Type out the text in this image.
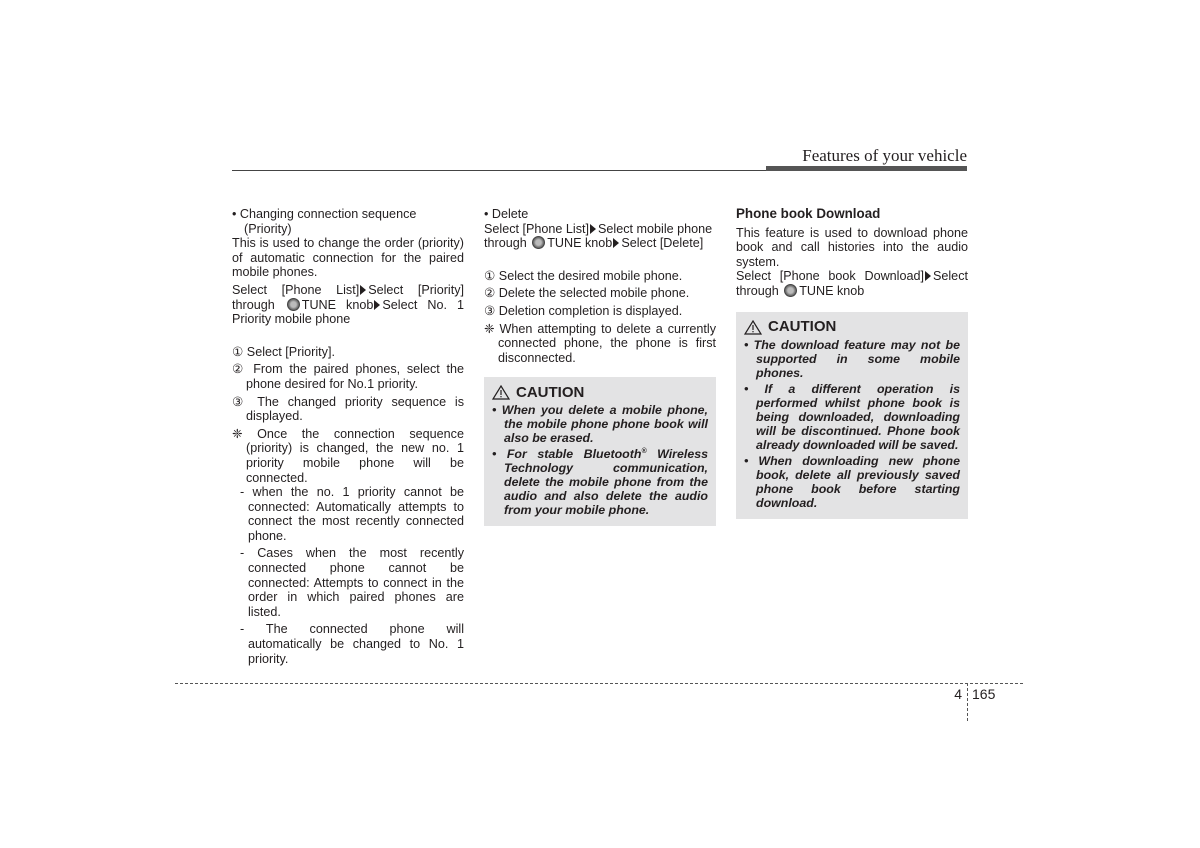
Features of your vehicle

• Changing connection sequence (Priority)

This is used to change the order (priority) of automatic connection for the paired mobile phones.

Select [Phone List] Select [Priority] through TUNE knob Select No. 1 Priority mobile phone

① Select [Priority].

② From the paired phones, select the phone desired for No.1 priority.

③ The changed priority sequence is displayed.

❈ Once the connection sequence (priority) is changed, the new no. 1 priority mobile phone will be connected.

- when the no. 1 priority cannot be connected: Automatically attempts to connect the most recently connected phone.

- Cases when the most recently connected phone cannot be connected: Attempts to connect in the order in which paired phones are listed.

- The connected phone will automatically be changed to No. 1 priority.

• Delete

Select [Phone List] Select mobile phone through TUNE knob Select [Delete]

① Select the desired mobile phone.

② Delete the selected mobile phone.

③ Deletion completion is displayed.

❈ When attempting to delete a currently connected phone, the phone is first disconnected.

CAUTION

• When you delete a mobile phone, the mobile phone phone book will also be erased.

• For stable Bluetooth® Wireless Technology communication, delete the mobile phone from the audio and also delete the audio from your mobile phone.

Phone book Download

This feature is used to download phone book and call histories into the audio system.

Select [Phone book Download] Select through TUNE knob

CAUTION

• The download feature may not be supported in some mobile phones.

• If a different operation is performed whilst phone book is being downloaded, downloading will be discontinued. Phone book already downloaded will be saved.

• When downloading new phone book, delete all previously saved phone book before starting download.

4 165
